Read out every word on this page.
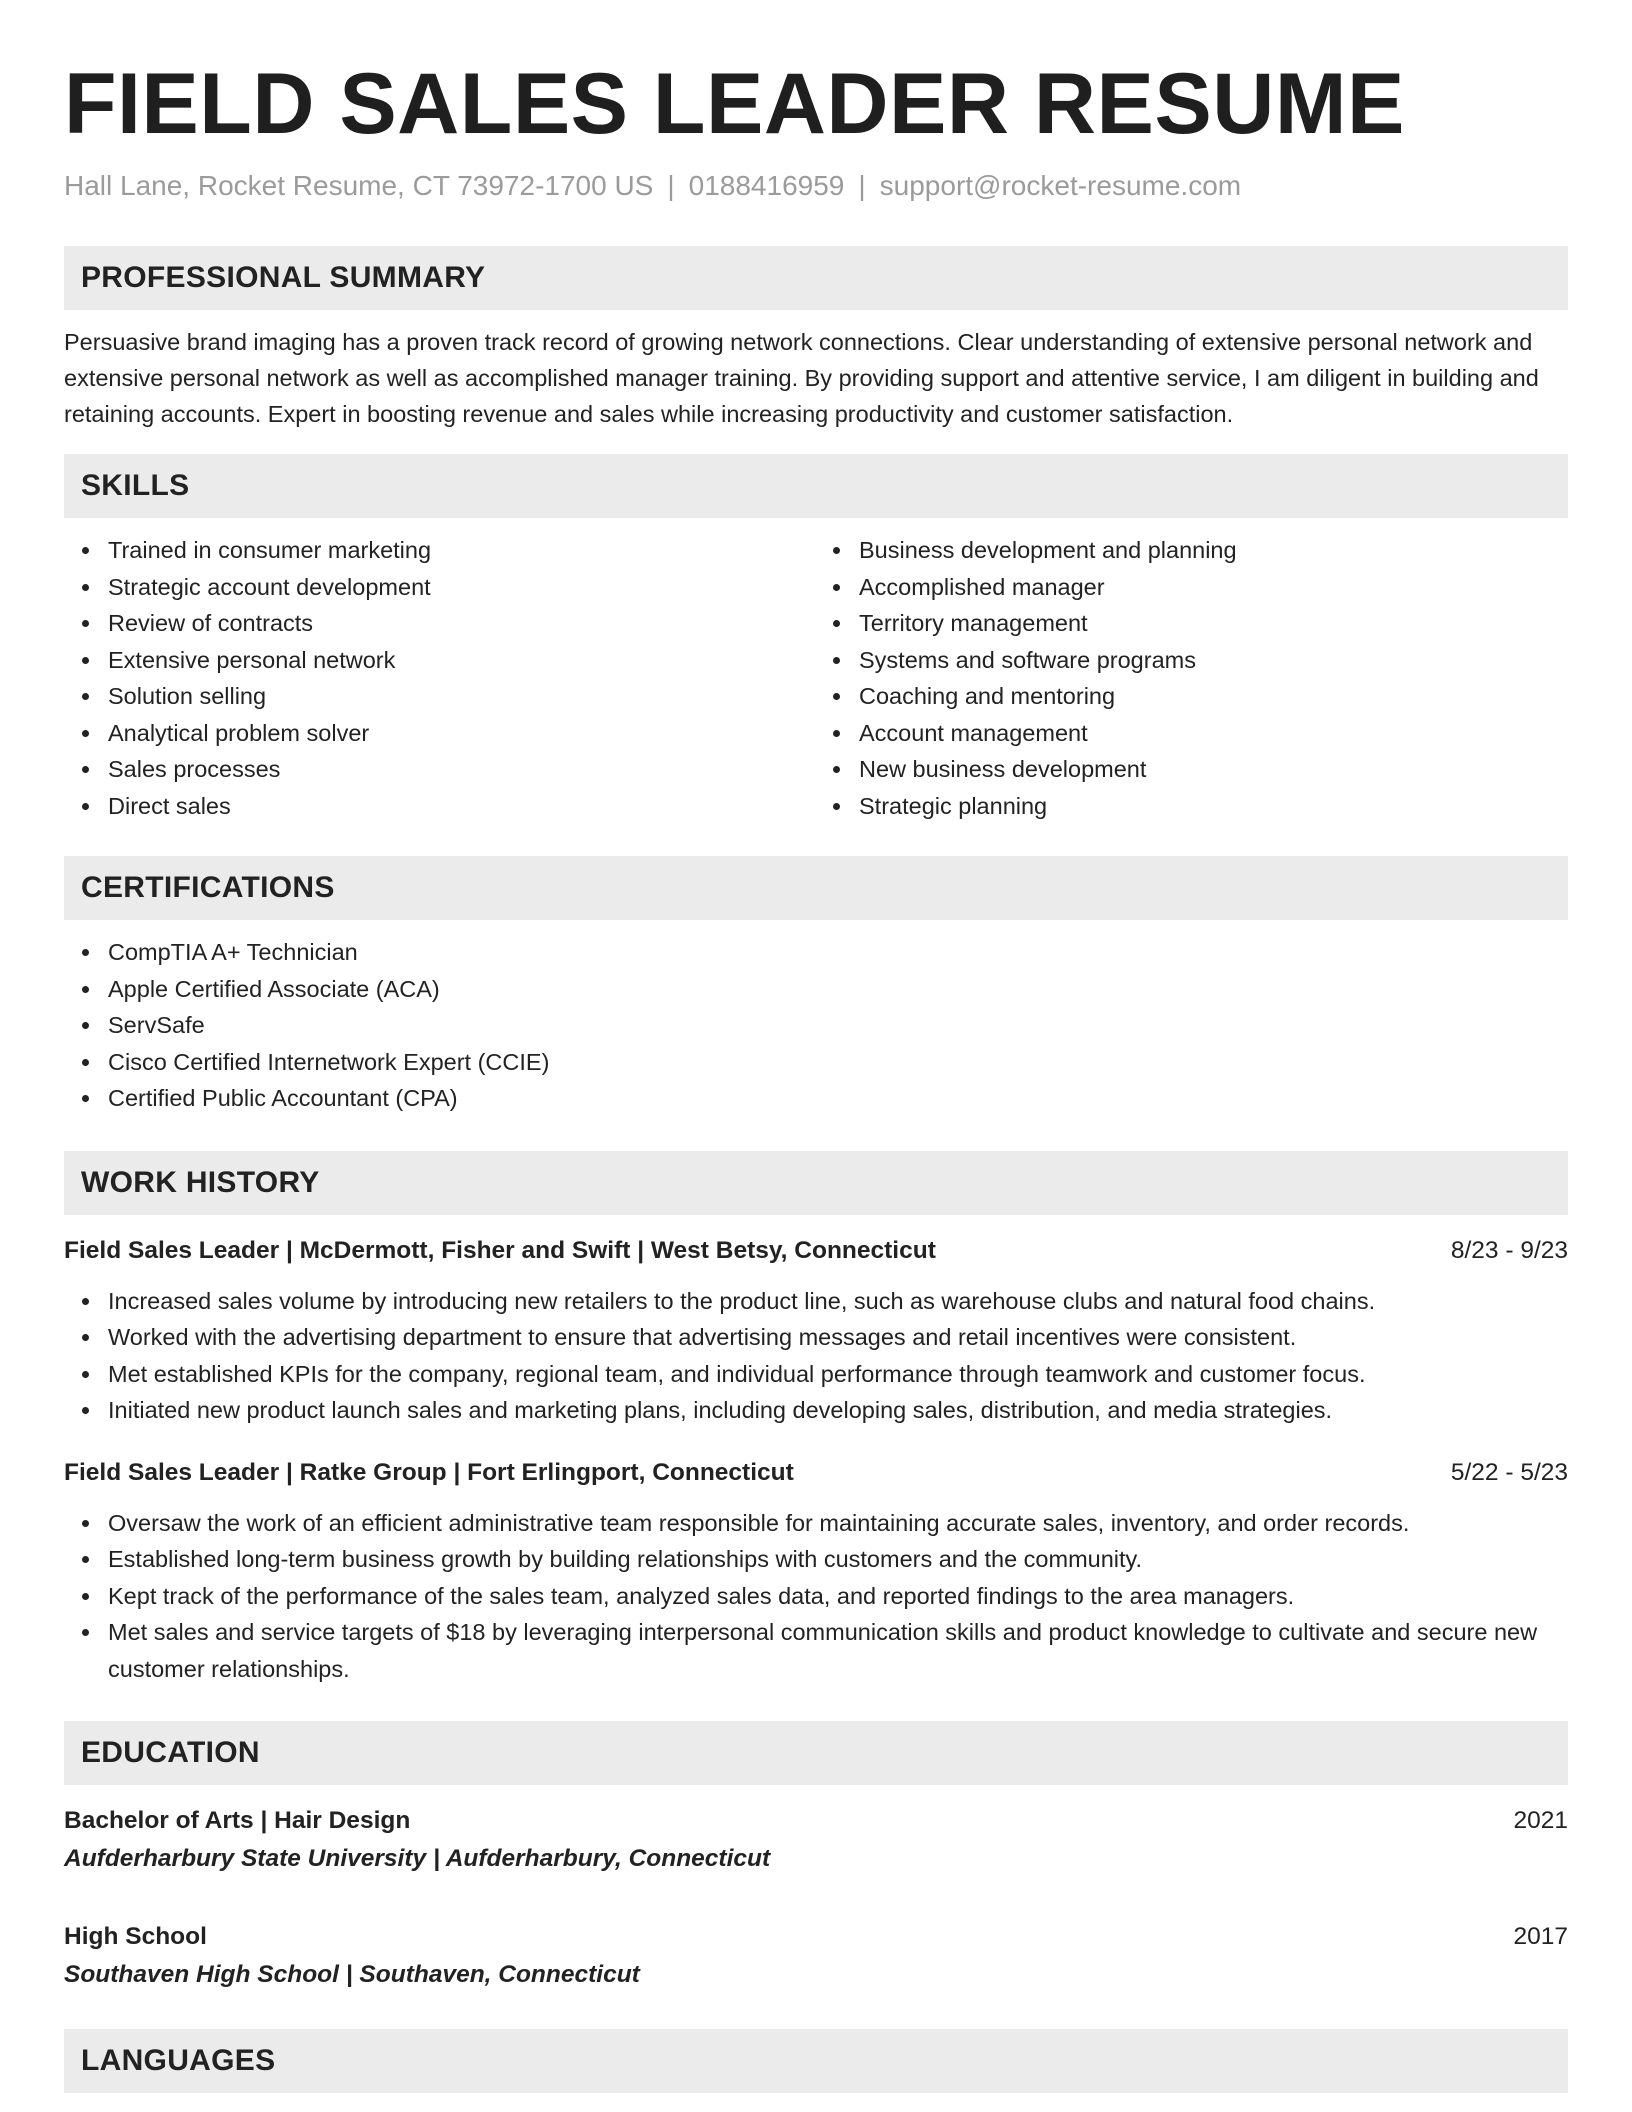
FIELD SALES LEADER RESUME
Hall Lane, Rocket Resume, CT 73972-1700 US | 0188416959 | support@rocket-resume.com
PROFESSIONAL SUMMARY

Persuasive brand imaging has a proven track record of growing network connections. Clear understanding of extensive personal network and extensive personal network as well as accomplished manager training. By providing support and attentive service, I am diligent in building and retaining accounts. Expert in boosting revenue and sales while increasing productivity and customer satisfaction.

SKILLS
Trained in consumer marketing
Strategic account development
Review of contracts
Extensive personal network
Solution selling
Analytical problem solver
Sales processes
Direct sales
Business development and planning
Accomplished manager
Territory management
Systems and software programs
Coaching and mentoring
Account management
New business development
Strategic planning
CERTIFICATIONS
CompTIA A+ Technician
Apple Certified Associate (ACA)
ServSafe
Cisco Certified Internetwork Expert (CCIE)
Certified Public Accountant (CPA)
WORK HISTORY
Field Sales Leader | McDermott, Fisher and Swift | West Betsy, Connecticut	8/23 - 9/23
Increased sales volume by introducing new retailers to the product line, such as warehouse clubs and natural food chains.
Worked with the advertising department to ensure that advertising messages and retail incentives were consistent.
Met established KPIs for the company, regional team, and individual performance through teamwork and customer focus.
Initiated new product launch sales and marketing plans, including developing sales, distribution, and media strategies.
Field Sales Leader | Ratke Group | Fort Erlingport, Connecticut	5/22 - 5/23
Oversaw the work of an efficient administrative team responsible for maintaining accurate sales, inventory, and order records.
Established long-term business growth by building relationships with customers and the community.
Kept track of the performance of the sales team, analyzed sales data, and reported findings to the area managers.
Met sales and service targets of $18 by leveraging interpersonal communication skills and product knowledge to cultivate and secure new customer relationships.
EDUCATION
Bachelor of Arts | Hair Design	2021
Aufderharbury State University | Aufderharbury, Connecticut
High School	2017
Southaven High School | Southaven, Connecticut
LANGUAGES
